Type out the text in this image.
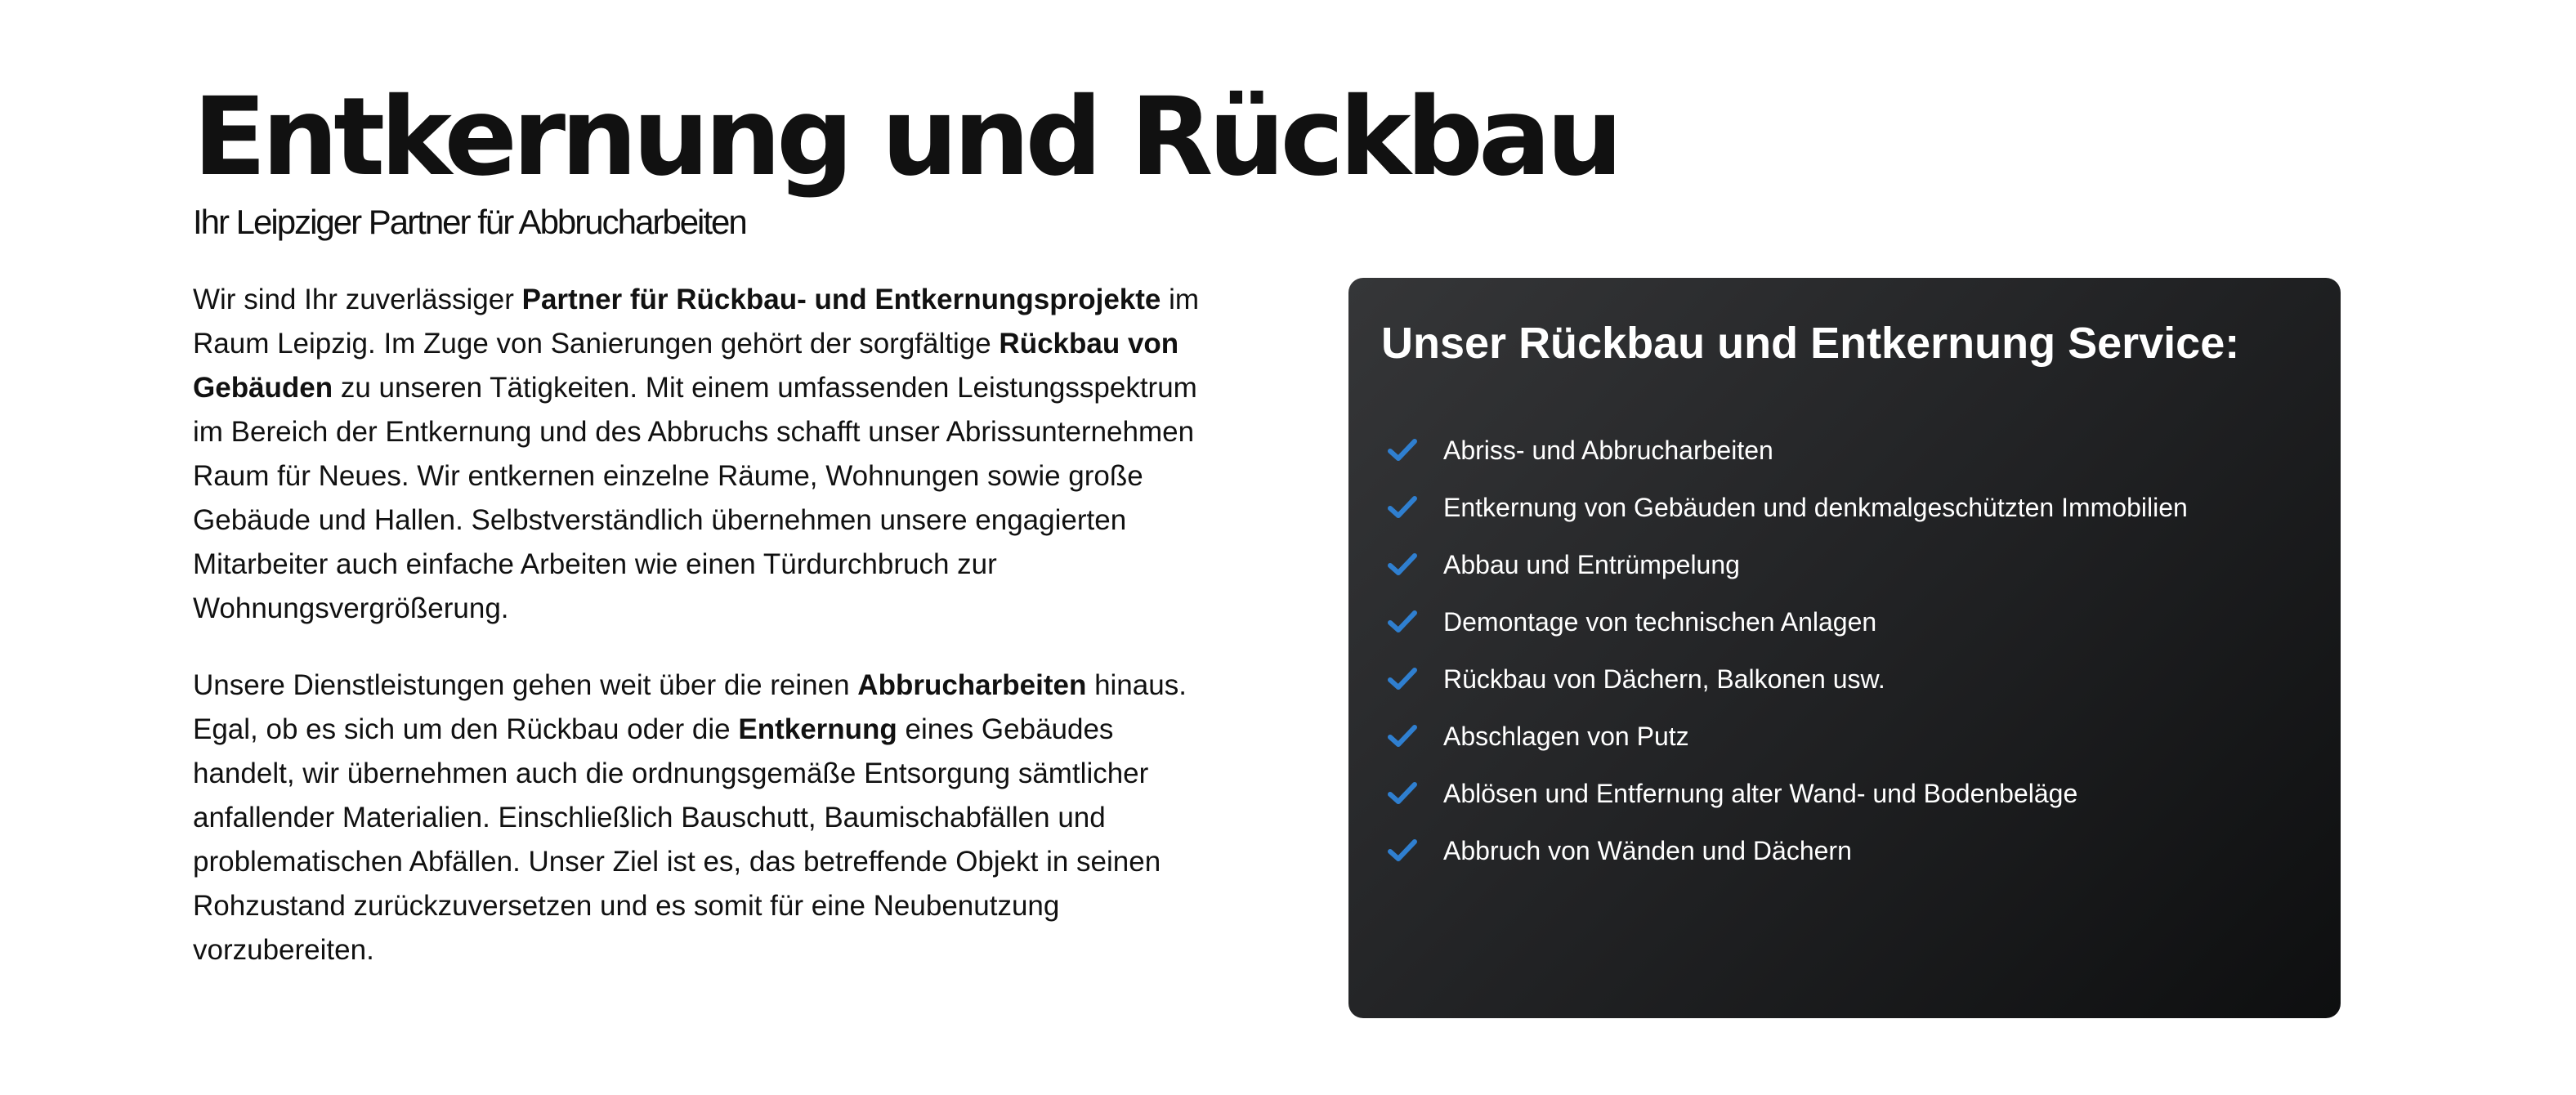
Entkernung und Rückbau
Ihr Leipziger Partner für Abbrucharbeiten

Wir sind Ihr zuverlässiger Partner für Rückbau- und Entkernungsprojekte im Raum Leipzig. Im Zuge von Sanierungen gehört der sorgfältige Rückbau von Gebäuden zu unseren Tätigkeiten. Mit einem umfassenden Leistungsspektrum im Bereich der Entkernung und des Abbruchs schafft unser Abrissunternehmen Raum für Neues. Wir entkernen einzelne Räume, Wohnungen sowie große Gebäude und Hallen. Selbstverständlich übernehmen unsere engagierten Mitarbeiter auch einfache Arbeiten wie einen Türdurchbruch zur Wohnungsvergrößerung.

Unsere Dienstleistungen gehen weit über die reinen Abbrucharbeiten hinaus. Egal, ob es sich um den Rückbau oder die Entkernung eines Gebäudes handelt, wir übernehmen auch die ordnungsgemäße Entsorgung sämtlicher anfallender Materialien. Einschließlich Bauschutt, Baumischabfällen und problematischen Abfällen. Unser Ziel ist es, das betreffende Objekt in seinen Rohzustand zurückzuversetzen und es somit für eine Neubenutzung vorzubereiten.

Unser Rückbau und Entkernung Service:
Abriss- und Abbrucharbeiten
Entkernung von Gebäuden und denkmalgeschützten Immobilien
Abbau und Entrümpelung
Demontage von technischen Anlagen
Rückbau von Dächern, Balkonen usw.
Abschlagen von Putz
Ablösen und Entfernung alter Wand- und Bodenbeläge
Abbruch von Wänden und Dächern
